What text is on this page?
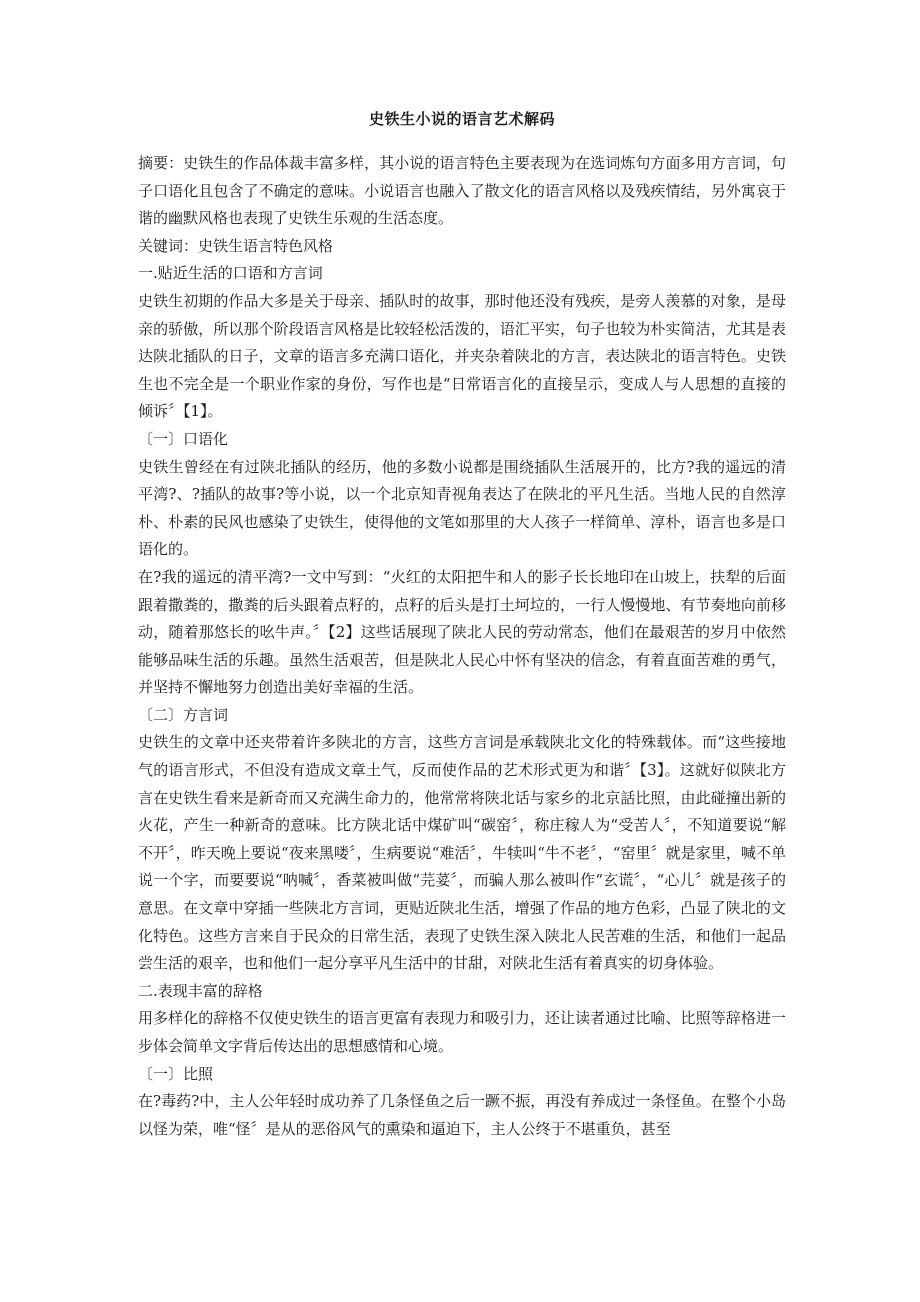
史铁生小说的语言艺术解码

摘要：史铁生的作品体裁丰富多样，其小说的语言特色主要表现为在选词炼句方面多用方言词，句子口语化且包含了不确定的意味。小说语言也融入了散文化的语言风格以及残疾情结，另外寓哀于谐的幽默风格也表现了史铁生乐观的生活态度。

关键词：史铁生语言特色风格

一.贴近生活的口语和方言词

史铁生初期的作品大多是关于母亲、插队时的故事，那时他还没有残疾，是旁人羡慕的对象，是母亲的骄傲，所以那个阶段语言风格是比较轻松活泼的，语汇平实，句子也较为朴实简洁，尤其是表达陕北插队的日子，文章的语言多充满口语化，并夹杂着陕北的方言，表达陕北的语言特色。史铁生也不完全是一个职业作家的身份，写作也是“日常语言化的直接呈示，变成人与人思想的直接的倾诉〞【1】。

〔一〕口语化

史铁生曾经在有过陕北插队的经历，他的多数小说都是围绕插队生活展开的，比方?我的遥远的清平湾?、?插队的故事?等小说，以一个北京知青视角表达了在陕北的平凡生活。当地人民的自然淳朴、朴素的民风也感染了史铁生，使得他的文笔如那里的大人孩子一样简单、淳朴，语言也多是口语化的。

在?我的遥远的清平湾?一文中写到：“火红的太阳把牛和人的影子长长地印在山坡上，扶犁的后面跟着撒粪的，撒粪的后头跟着点籽的，点籽的后头是打土坷垃的，一行人慢慢地、有节奏地向前移动，随着那悠长的吆牛声。〞【2】这些话展现了陕北人民的劳动常态，他们在最艰苦的岁月中依然能够品味生活的乐趣。虽然生活艰苦，但是陕北人民心中怀有坚决的信念，有着直面苦难的勇气，并坚持不懈地努力创造出美好幸福的生活。

〔二〕方言词

史铁生的文章中还夹带着许多陕北的方言，这些方言词是承载陕北文化的特殊载体。而“这些接地气的语言形式，不但没有造成文章土气，反而使作品的艺术形式更为和谐〞【3】。这就好似陕北方言在史铁生看来是新奇而又充满生命力的，他常常将陕北话与家乡的北京話比照，由此碰撞出新的火花，产生一种新奇的意味。比方陕北话中煤矿叫“碳窑〞，称庄稼人为“受苦人〞，不知道要说“解不开〞，昨天晚上要说“夜来黑喽〞，生病要说“难活〞，牛犊叫“牛不老〞，“窑里〞就是家里，喊不单说一个字，而要要说“呐喊〞，香菜被叫做“芫荽〞，而骗人那么被叫作“玄谎〞，“心儿〞就是孩子的意思。在文章中穿插一些陕北方言词，更贴近陕北生活，增强了作品的地方色彩，凸显了陕北的文化特色。这些方言来自于民众的日常生活，表现了史铁生深入陕北人民苦难的生活，和他们一起品尝生活的艰辛，也和他们一起分享平凡生活中的甘甜，对陕北生活有着真实的切身体验。

二.表现丰富的辞格

用多样化的辞格不仅使史铁生的语言更富有表现力和吸引力，还让读者通过比喻、比照等辞格进一步体会简单文字背后传达出的思想感情和心境。

〔一〕比照

在?毒药?中，主人公年轻时成功养了几条怪鱼之后一蹶不振，再没有养成过一条怪鱼。在整个小岛以怪为荣，唯“怪〞是从的恶俗风气的熏染和逼迫下，主人公终于不堪重负，甚至
